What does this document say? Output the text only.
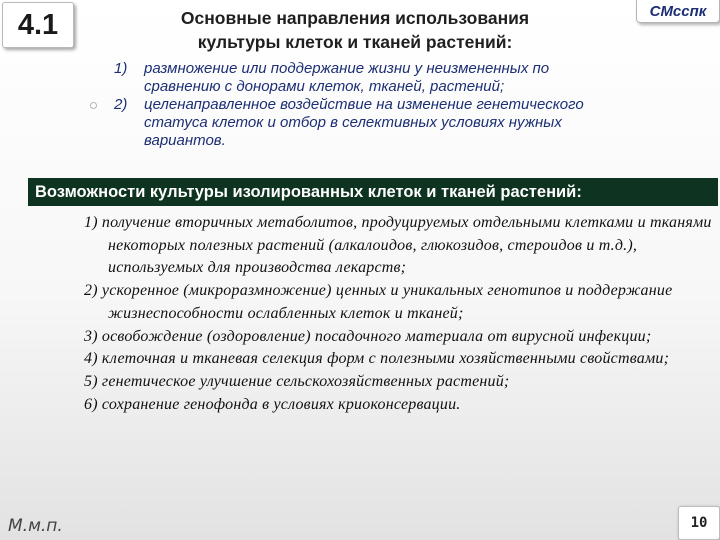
4.1	Основные направления использования
культуры клеток и тканей растений:
СМсспк
1) размножение или поддержание жизни у неизмененных по
сравнению с донорами клеток, тканей, растений;
2) целенаправленное воздействие на изменение генетического
статуса клеток и отбор в селективных условиях нужных
вариантов.
Возможности культуры изолированных клеток и тканей растений:
1) получение вторичных метаболитов, продуцируемых отдельными клетками и тканями некоторых полезных растений (алкалоидов, глюкозидов, стероидов и т.д.), используемых для производства лекарств;
2) ускоренное (микроразмножение) ценных и уникальных генотипов и поддержание жизнеспособности ослабленных клеток и тканей;
3) освобождение (оздоровление) посадочного материала от вирусной инфекции;
4) клеточная и тканевая селекция форм с полезными хозяйственными свойствами;
5) генетическое улучшение сельскохозяйственных растений;
6) сохранение генофонда в условиях криоконсервации.
М.м.п.	10
